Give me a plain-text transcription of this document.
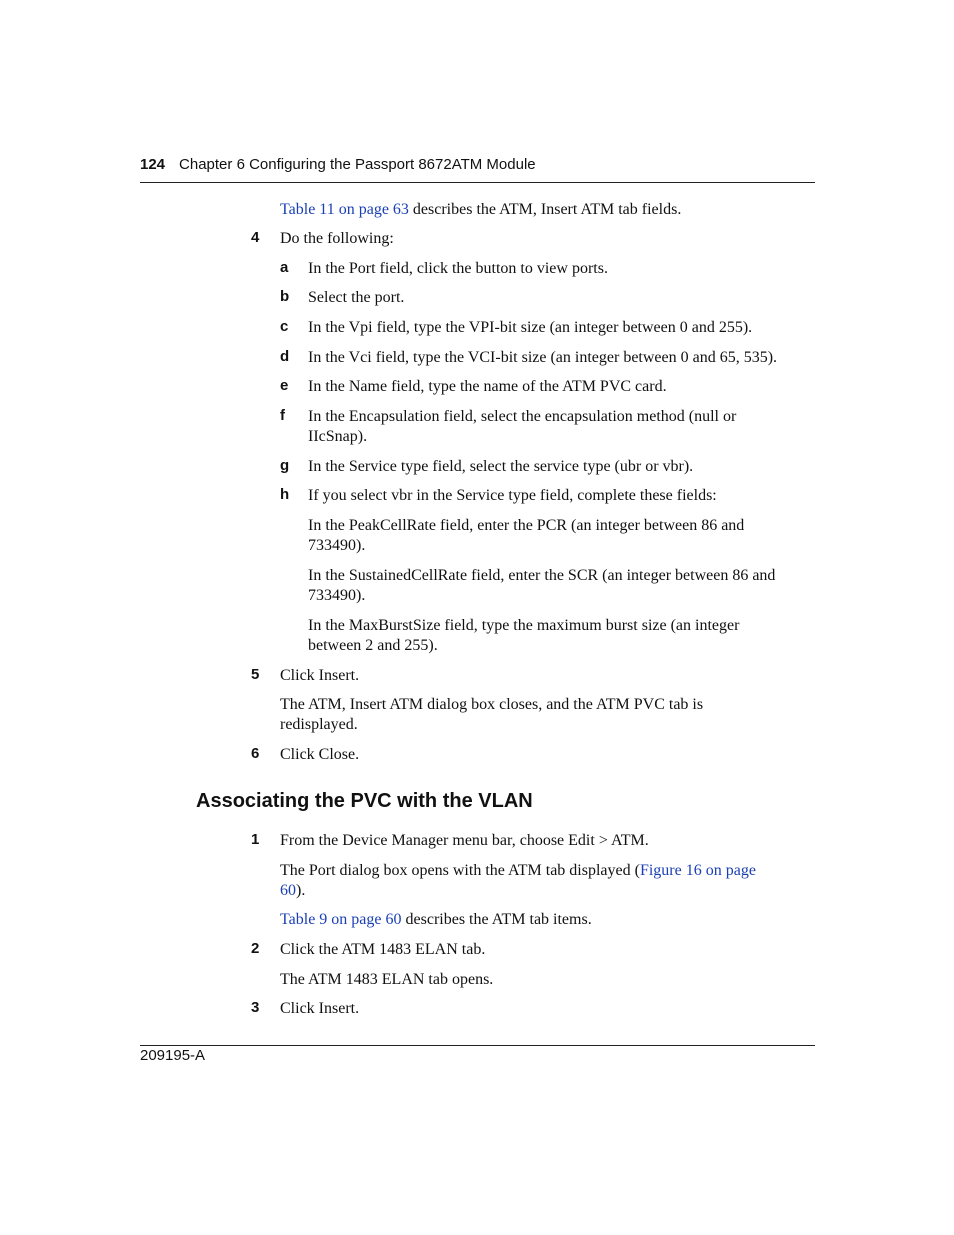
124 Chapter 6 Configuring the Passport 8672ATM Module
Table 11 on page 63 describes the ATM, Insert ATM tab fields.
4 Do the following:
a In the Port field, click the button to view ports.
b Select the port.
c In the Vpi field, type the VPI-bit size (an integer between 0 and 255).
d In the Vci field, type the VCI-bit size (an integer between 0 and 65, 535).
e In the Name field, type the name of the ATM PVC card.
f In the Encapsulation field, select the encapsulation method (null or IIcSnap).
g In the Service type field, select the service type (ubr or vbr).
h If you select vbr in the Service type field, complete these fields:
In the PeakCellRate field, enter the PCR (an integer between 86 and 733490).
In the SustainedCellRate field, enter the SCR (an integer between 86 and 733490).
In the MaxBurstSize field, type the maximum burst size (an integer between 2 and 255).
5 Click Insert.
The ATM, Insert ATM dialog box closes, and the ATM PVC tab is redisplayed.
6 Click Close.
Associating the PVC with the VLAN
1 From the Device Manager menu bar, choose Edit > ATM.
The Port dialog box opens with the ATM tab displayed (Figure 16 on page 60).
Table 9 on page 60 describes the ATM tab items.
2 Click the ATM 1483 ELAN tab.
The ATM 1483 ELAN tab opens.
3 Click Insert.
209195-A
